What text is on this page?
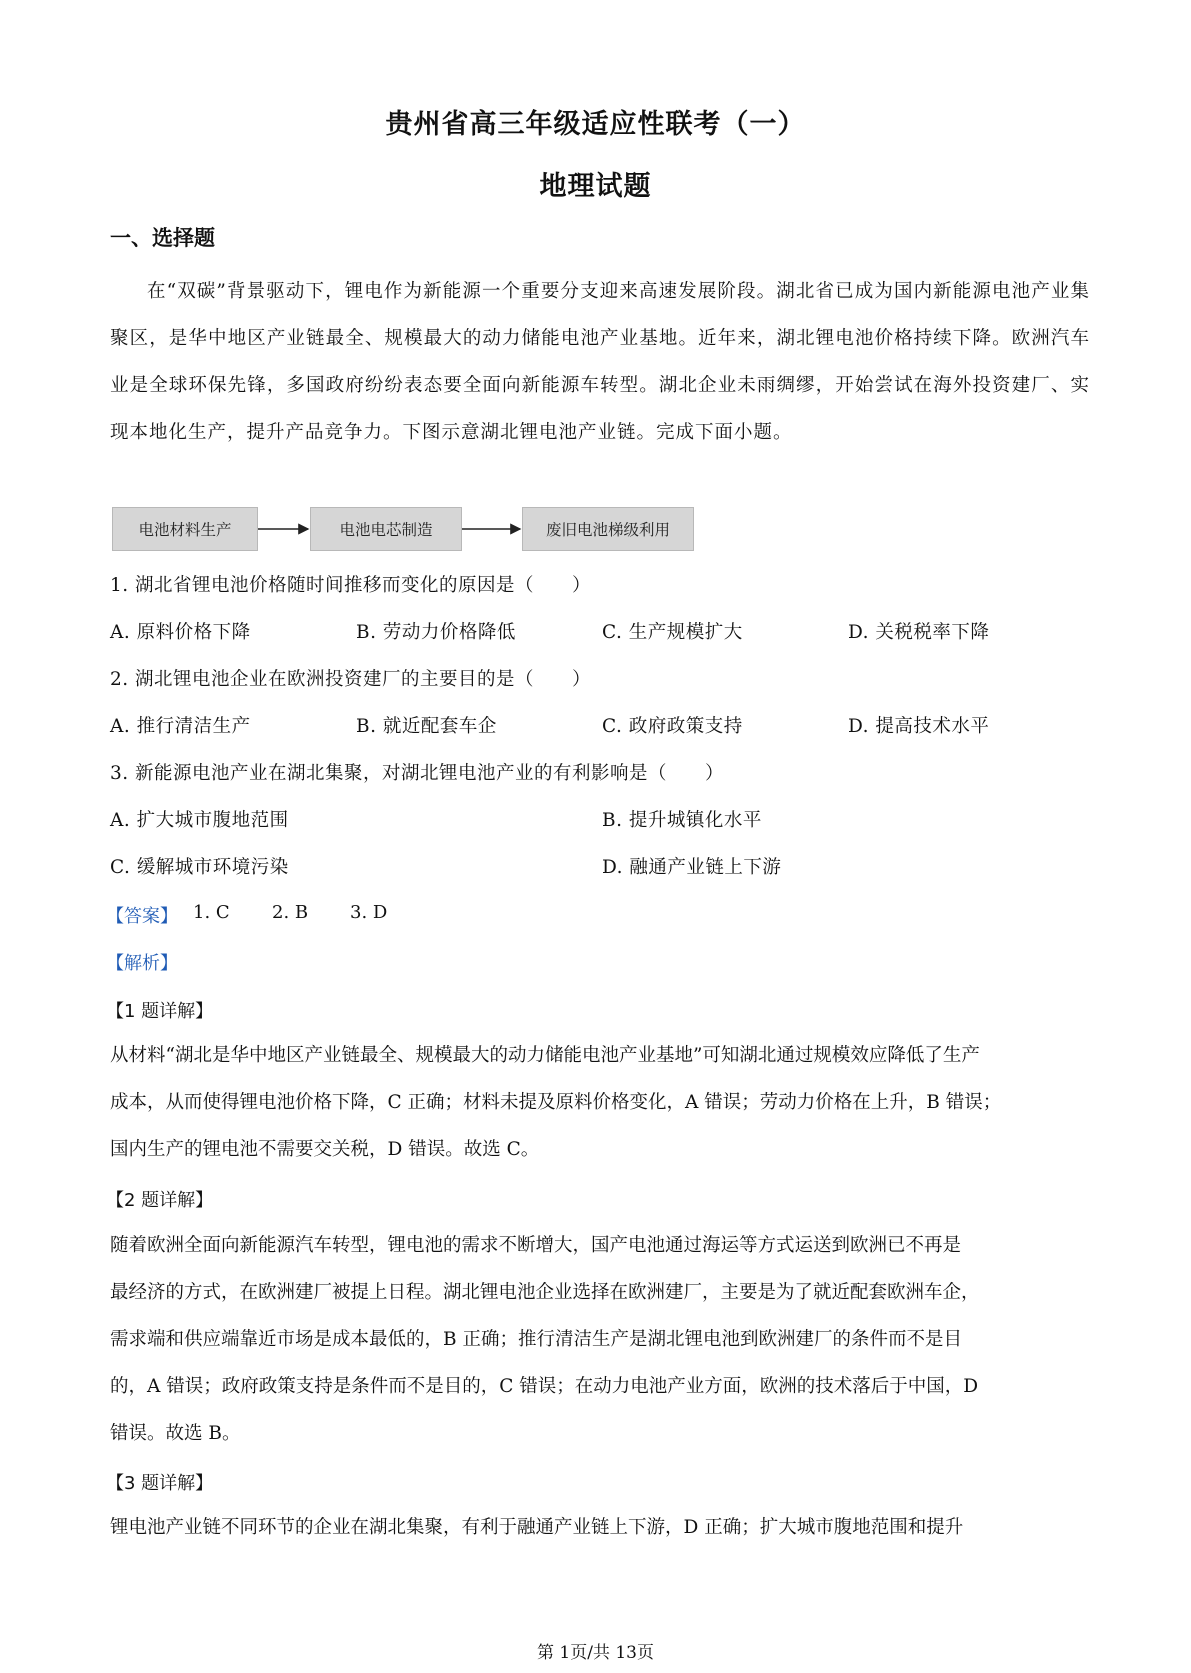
贵州省高三年级适应性联考（一）
地理试题
一、选择题
在“双碳”背景驱动下，锂电作为新能源一个重要分支迎来高速发展阶段。湖北省已成为国内新能源电池产业集聚区，是华中地区产业链最全、规模最大的动力储能电池产业基地。近年来，湖北锂电池价格持续下降。欧洲汽车业是全球环保先锋，多国政府纷纷表态要全面向新能源车转型。湖北企业未雨绸缪，开始尝试在海外投资建厂、实现本地化生产，提升产品竞争力。下图示意湖北锂电池产业链。完成下面小题。
电池材料生产	电池电芯制造	废旧电池梯级利用
1. 湖北省锂电池价格随时间推移而变化的原因是（　　）
A. 原料价格下降	B. 劳动力价格降低	C. 生产规模扩大	D. 关税税率下降
2. 湖北锂电池企业在欧洲投资建厂的主要目的是（　　）
A. 推行清洁生产	B. 就近配套车企	C. 政府政策支持	D. 提高技术水平
3. 新能源电池产业在湖北集聚，对湖北锂电池产业的有利影响是（　　）
A. 扩大城市腹地范围	B. 提升城镇化水平
C. 缓解城市环境污染	D. 融通产业链上下游
【答案】 1. C 2. B 3. D
【解析】
【1 题详解】
从材料“湖北是华中地区产业链最全、规模最大的动力储能电池产业基地”可知湖北通过规模效应降低了生产
成本，从而使得锂电池价格下降，C 正确；材料未提及原料价格变化，A 错误；劳动力价格在上升，B 错误；
国内生产的锂电池不需要交关税，D 错误。故选 C。
【2 题详解】
随着欧洲全面向新能源汽车转型，锂电池的需求不断增大，国产电池通过海运等方式运送到欧洲已不再是
最经济的方式，在欧洲建厂被提上日程。湖北锂电池企业选择在欧洲建厂，主要是为了就近配套欧洲车企，
需求端和供应端靠近市场是成本最低的，B 正确；推行清洁生产是湖北锂电池到欧洲建厂的条件而不是目
的，A 错误；政府政策支持是条件而不是目的，C 错误；在动力电池产业方面，欧洲的技术落后于中国，D
错误。故选 B。
【3 题详解】
锂电池产业链不同环节的企业在湖北集聚，有利于融通产业链上下游，D 正确；扩大城市腹地范围和提升
第 1页/共 13页
